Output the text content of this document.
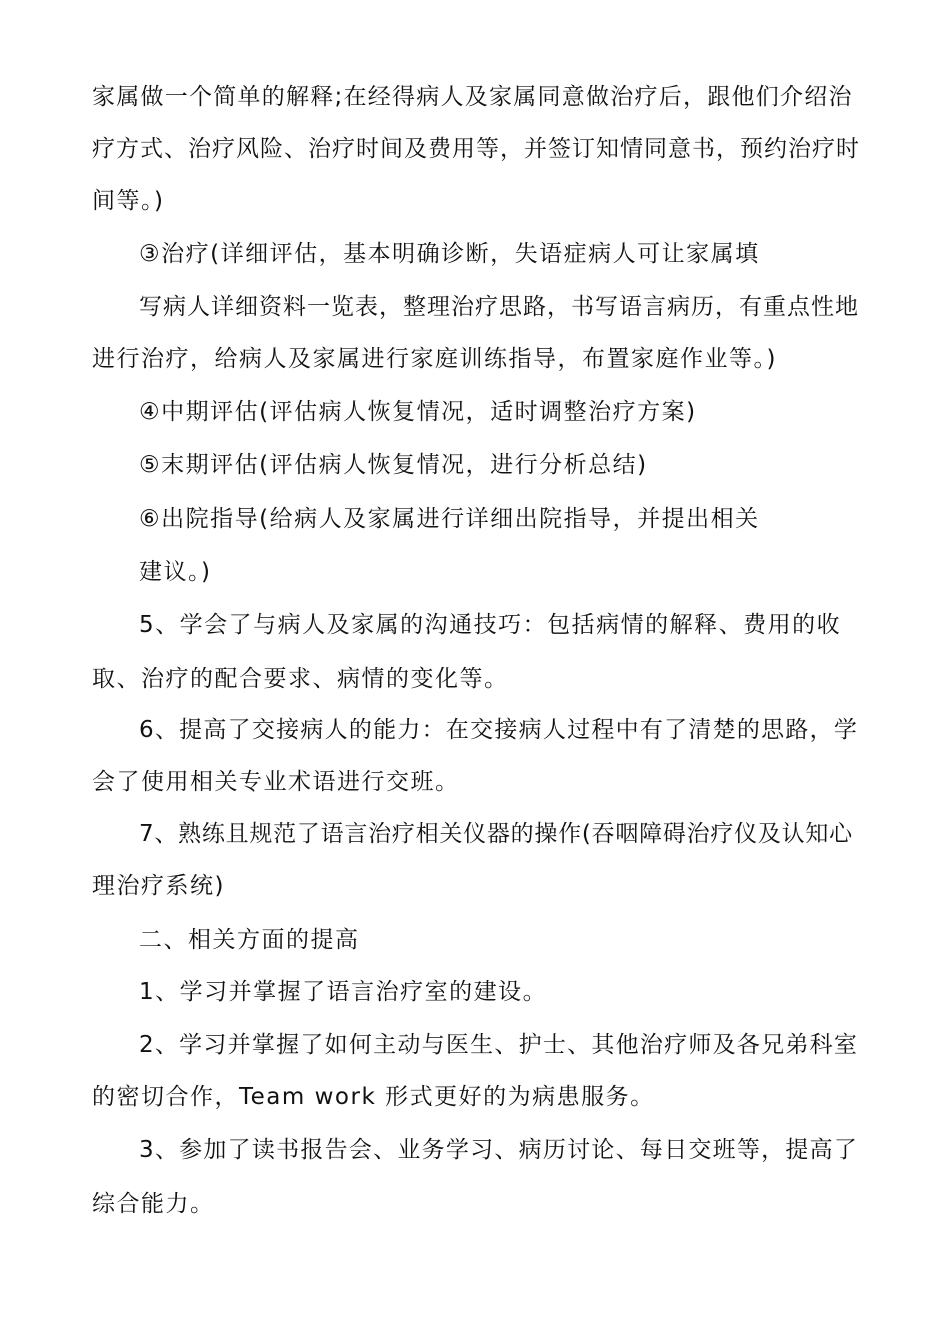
家属做一个简单的解释;在经得病人及家属同意做治疗后，跟他们介绍治
疗方式、治疗风险、治疗时间及费用等，并签订知情同意书，预约治疗时
间等。)
③治疗(详细评估，基本明确诊断，失语症病人可让家属填
写病人详细资料一览表，整理治疗思路，书写语言病历，有重点性地
进行治疗，给病人及家属进行家庭训练指导，布置家庭作业等。)
④中期评估(评估病人恢复情况，适时调整治疗方案)
⑤末期评估(评估病人恢复情况，进行分析总结)
⑥出院指导(给病人及家属进行详细出院指导，并提出相关
建议。)
5、学会了与病人及家属的沟通技巧：包括病情的解释、费用的收
取、治疗的配合要求、病情的变化等。
6、提高了交接病人的能力：在交接病人过程中有了清楚的思路，学
会了使用相关专业术语进行交班。
7、熟练且规范了语言治疗相关仪器的操作(吞咽障碍治疗仪及认知心
理治疗系统)
二、相关方面的提高
1、学习并掌握了语言治疗室的建设。
2、学习并掌握了如何主动与医生、护士、其他治疗师及各兄弟科室
的密切合作，Team work 形式更好的为病患服务。
3、参加了读书报告会、业务学习、病历讨论、每日交班等，提高了
综合能力。
